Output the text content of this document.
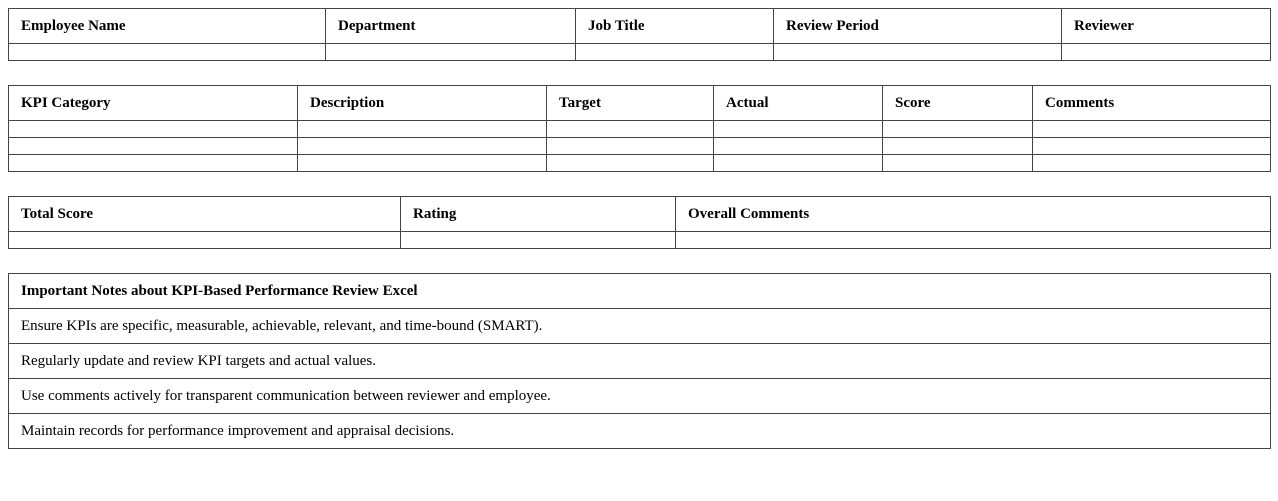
Employee Name	Department	Job Title	Review Period	Reviewer

KPI Category	Description	Target	Actual	Score	Comments

Total Score	Rating	Overall Comments

Important Notes about KPI-Based Performance Review Excel
Ensure KPIs are specific, measurable, achievable, relevant, and time-bound (SMART).
Regularly update and review KPI targets and actual values.
Use comments actively for transparent communication between reviewer and employee.
Maintain records for performance improvement and appraisal decisions.
